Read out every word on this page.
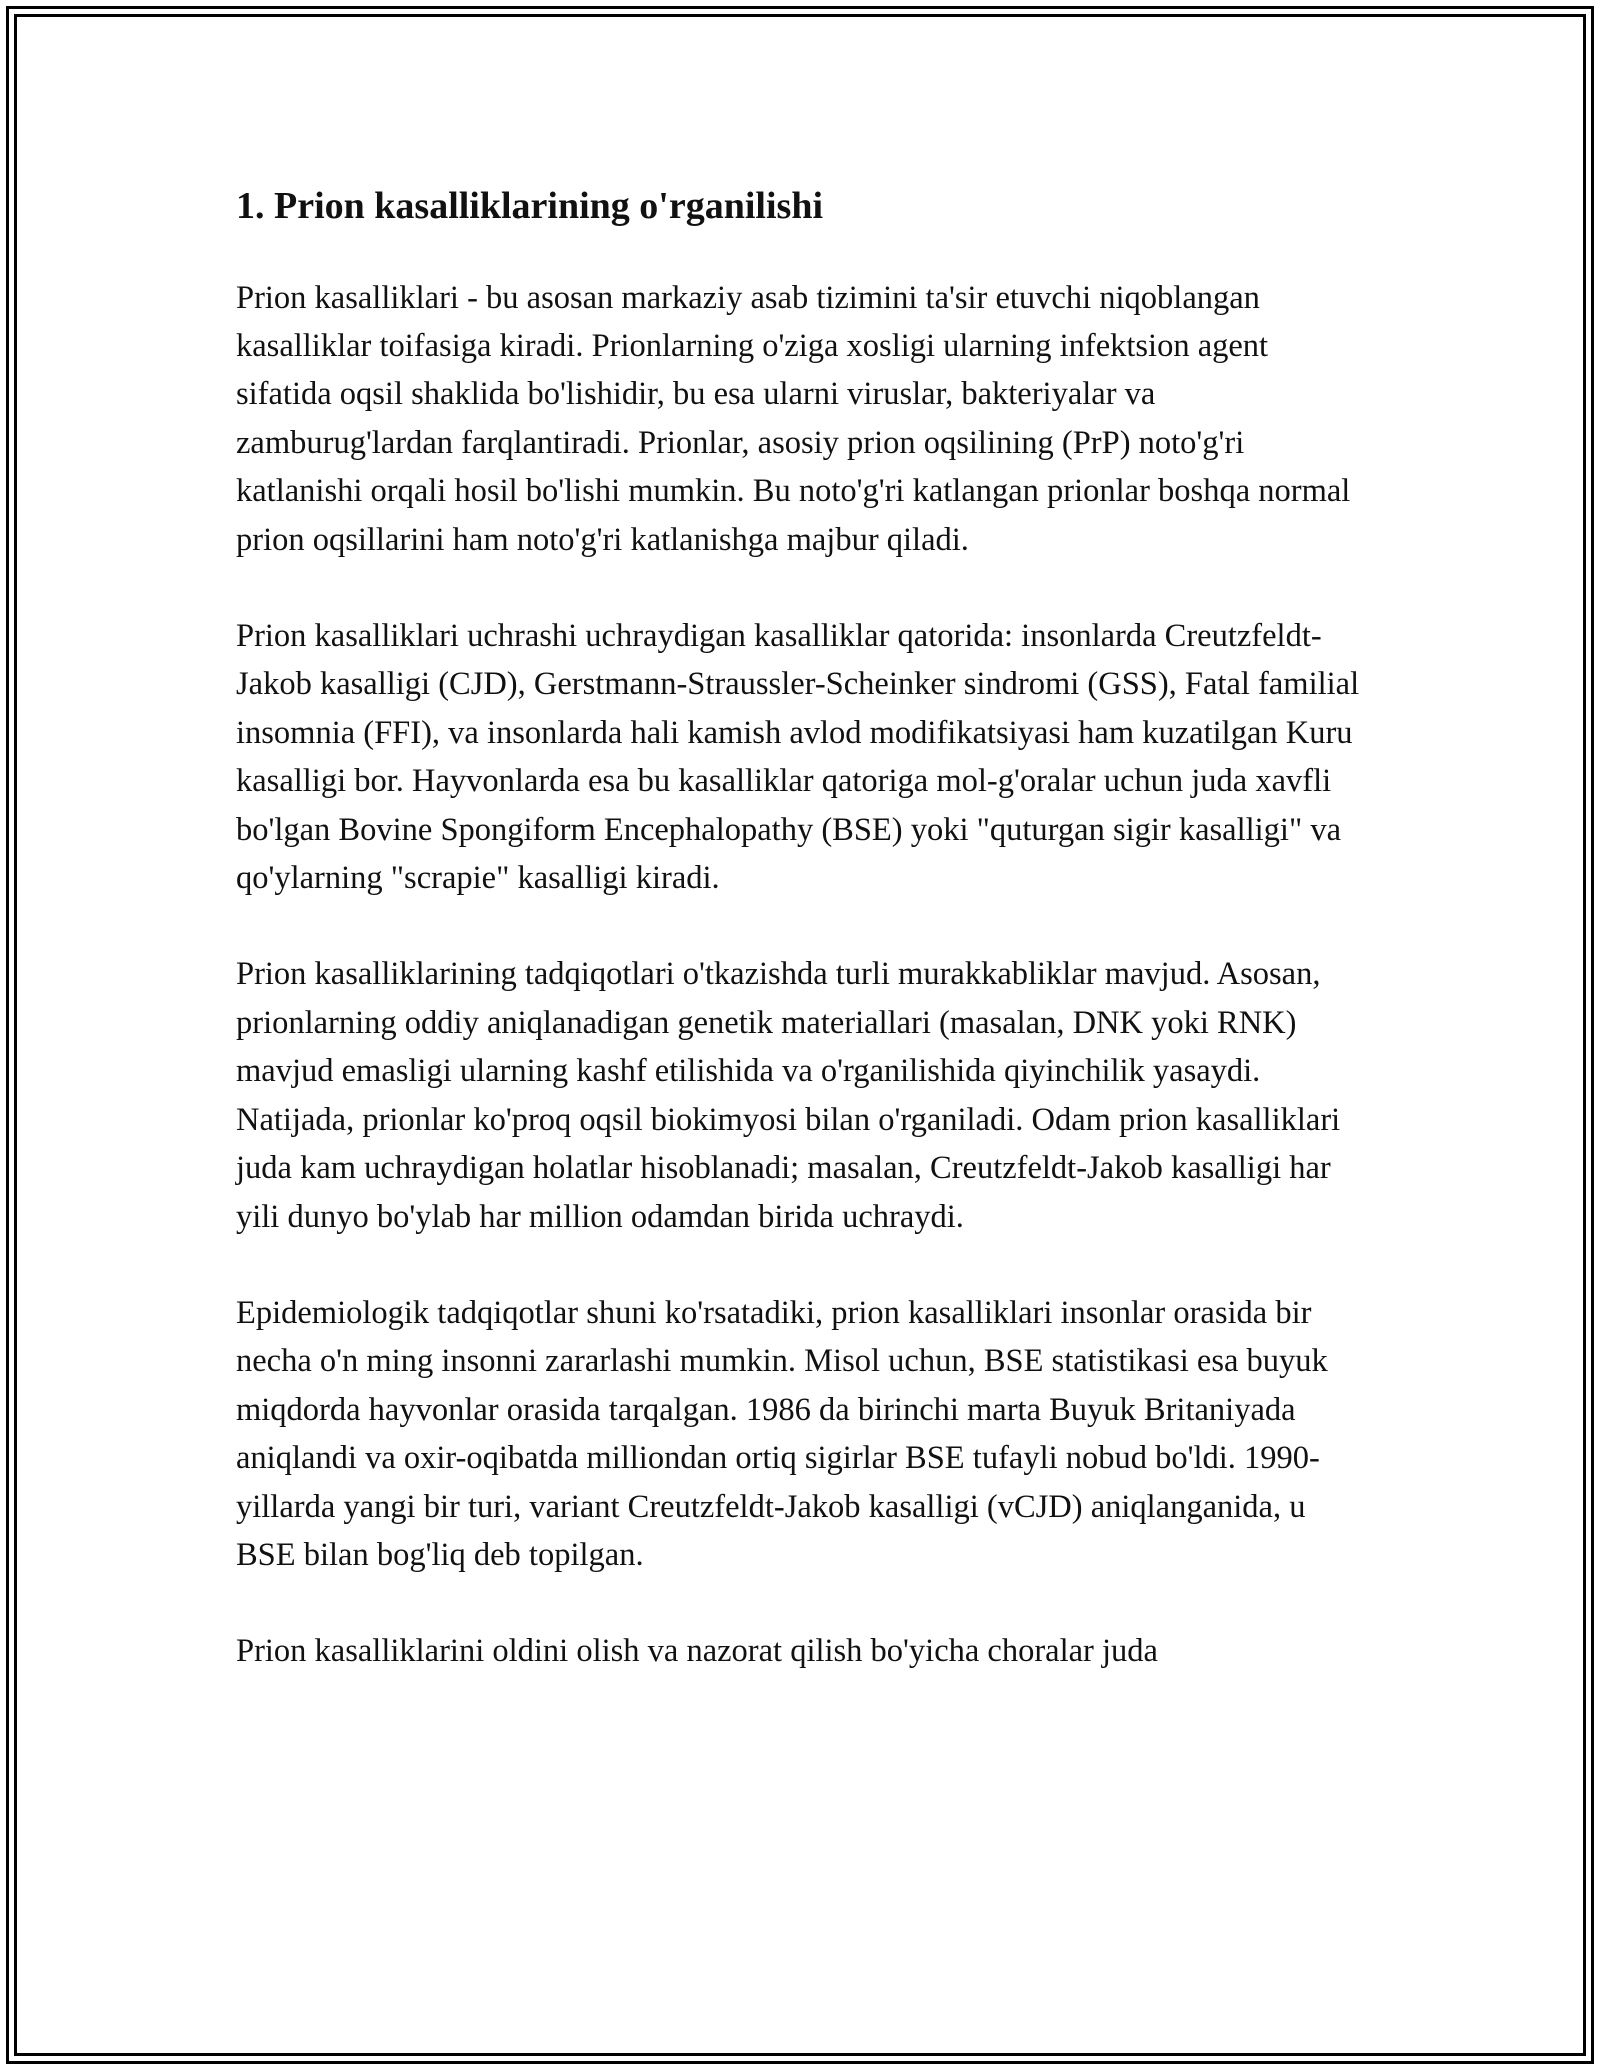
1. Prion kasalliklarining o'rganilishi

Prion kasalliklari - bu asosan markaziy asab tizimini ta'sir etuvchi niqoblangan kasalliklar toifasiga kiradi. Prionlarning o'ziga xosligi ularning infektsion agent sifatida oqsil shaklida bo'lishidir, bu esa ularni viruslar, bakteriyalar va zamburug'lardan farqlantiradi. Prionlar, asosiy prion oqsilining (PrP) noto'g'ri katlanishi orqali hosil bo'lishi mumkin. Bu noto'g'ri katlangan prionlar boshqa normal prion oqsillarini ham noto'g'ri katlanishga majbur qiladi.

Prion kasalliklari uchrashi uchraydigan kasalliklar qatorida: insonlarda Creutzfeldt-Jakob kasalligi (CJD), Gerstmann-Straussler-Scheinker sindromi (GSS), Fatal familial insomnia (FFI), va insonlarda hali kamish avlod modifikatsiyasi ham kuzatilgan Kuru kasalligi bor. Hayvonlarda esa bu kasalliklar qatoriga mol-g'oralar uchun juda xavfli bo'lgan Bovine Spongiform Encephalopathy (BSE) yoki "quturgan sigir kasalligi" va qo'ylarning "scrapie" kasalligi kiradi.

Prion kasalliklarining tadqiqotlari o'tkazishda turli murakkabliklar mavjud. Asosan, prionlarning oddiy aniqlanadigan genetik materiallari (masalan, DNK yoki RNK) mavjud emasligi ularning kashf etilishida va o'rganilishida qiyinchilik yasaydi. Natijada, prionlar ko'proq oqsil biokimyosi bilan o'rganiladi. Odam prion kasalliklari juda kam uchraydigan holatlar hisoblanadi; masalan, Creutzfeldt-Jakob kasalligi har yili dunyo bo'ylab har million odamdan birida uchraydi.

Epidemiologik tadqiqotlar shuni ko'rsatadiki, prion kasalliklari insonlar orasida bir necha o'n ming insonni zararlashi mumkin. Misol uchun, BSE statistikasi esa buyuk miqdorda hayvonlar orasida tarqalgan. 1986 da birinchi marta Buyuk Britaniyada aniqlandi va oxir-oqibatda milliondan ortiq sigirlar BSE tufayli nobud bo'ldi. 1990-yillarda yangi bir turi, variant Creutzfeldt-Jakob kasalligi (vCJD) aniqlanganida, u BSE bilan bog'liq deb topilgan.

Prion kasalliklarini oldini olish va nazorat qilish bo'yicha choralar juda
